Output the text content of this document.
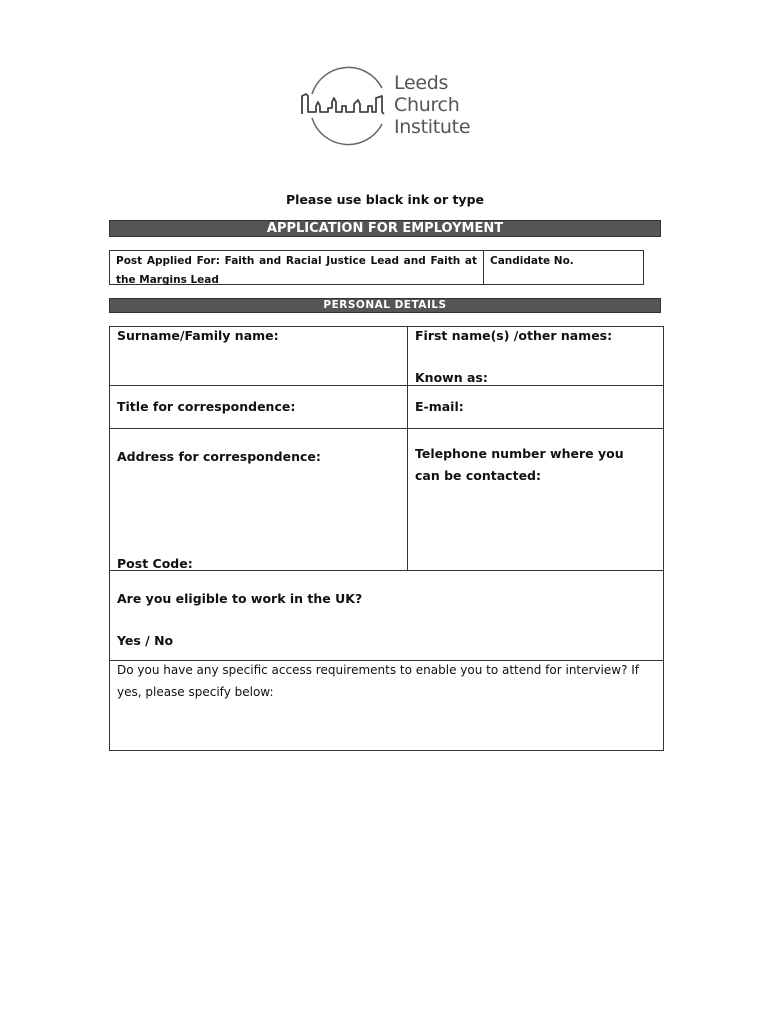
Leeds
Church
Institute
Please use black ink or type
APPLICATION FOR EMPLOYMENT
Post Applied For: Faith and Racial Justice Lead and Faith at the Margins Lead
Candidate No.
PERSONAL DETAILS
Surname/Family name:	First name(s) /other names:
Known as:
Title for correspondence:	E-mail:
Address for correspondence:
Post Code:
Telephone number where you can be contacted:
Are you eligible to work in the UK?
Yes / No
Do you have any specific access requirements to enable you to attend for interview? If yes, please specify below:
